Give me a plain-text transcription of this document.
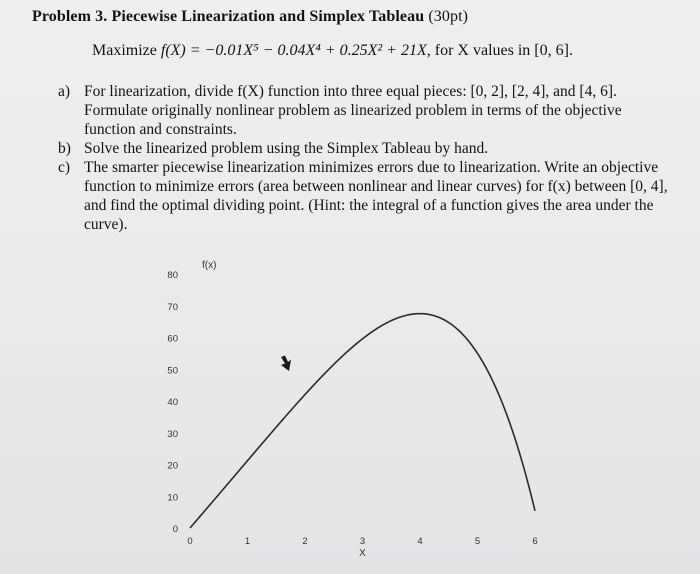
Problem 3. Piecewise Linearization and Simplex Tableau (30pt)
Maximize f(X) = −0.01X⁵ − 0.04X⁴ + 0.25X² + 21X, for X values in [0, 6].
a) For linearization, divide f(X) function into three equal pieces: [0, 2], [2, 4], and [4, 6]. Formulate originally nonlinear problem as linearized problem in terms of the objective function and constraints.
b) Solve the linearized problem using the Simplex Tableau by hand.
c) The smarter piecewise linearization minimizes errors due to linearization. Write an objective function to minimize errors (area between nonlinear and linear curves) for f(x) between [0, 4], and find the optimal dividing point. (Hint: the integral of a function gives the area under the curve).
f(x)
0
10
20
30
40
50
60
70
80
0	1	2	3	4	5	6
X
